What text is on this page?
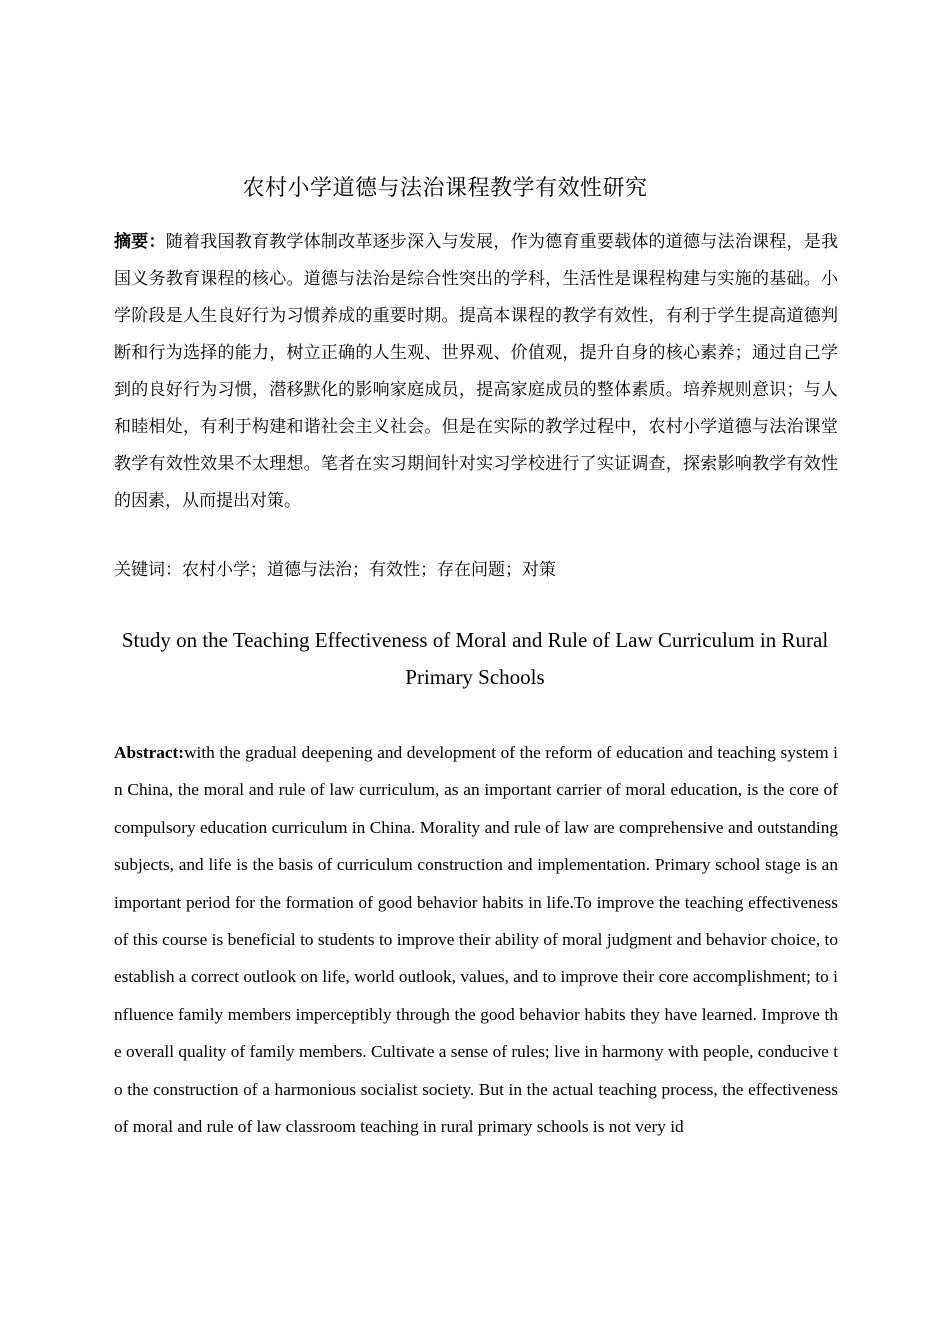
农村小学道德与法治课程教学有效性研究

摘要：随着我国教育教学体制改革逐步深入与发展，作为德育重要载体的道德与法治课程，是我国义务教育课程的核心。道德与法治是综合性突出的学科，生活性是课程构建与实施的基础。小学阶段是人生良好行为习惯养成的重要时期。提高本课程的教学有效性，有利于学生提高道德判断和行为选择的能力，树立正确的人生观、世界观、价值观，提升自身的核心素养；通过自己学到的良好行为习惯，潜移默化的影响家庭成员，提高家庭成员的整体素质。培养规则意识；与人和睦相处，有利于构建和谐社会主义社会。但是在实际的教学过程中，农村小学道德与法治课堂教学有效性效果不太理想。笔者在实习期间针对实习学校进行了实证调查，探索影响教学有效性的因素，从而提出对策。

关键词：农村小学；道德与法治；有效性；存在问题；对策

Study on the Teaching Effectiveness of Moral and Rule of Law Curriculum in Rural Primary Schools

Abstract:with the gradual deepening and development of the reform of education and teaching system in China, the moral and rule of law curriculum, as an important carrier of moral education, is the core of compulsory education curriculum in China. Morality and rule of law are comprehensive and outstanding subjects, and life is the basis of curriculum construction and implementation. Primary school stage is an important period for the formation of good behavior habits in life.To improve the teaching effectiveness of this course is beneficial to students to improve their ability of moral judgment and behavior choice, to establish a correct outlook on life, world outlook, values, and to improve their core accomplishment; to influence family members imperceptibly through the good behavior habits they have learned. Improve the overall quality of family members. Cultivate a sense of rules; live in harmony with people, conducive to the construction of a harmonious socialist society. But in the actual teaching process, the effectiveness of moral and rule of law classroom teaching in rural primary schools is not very id
